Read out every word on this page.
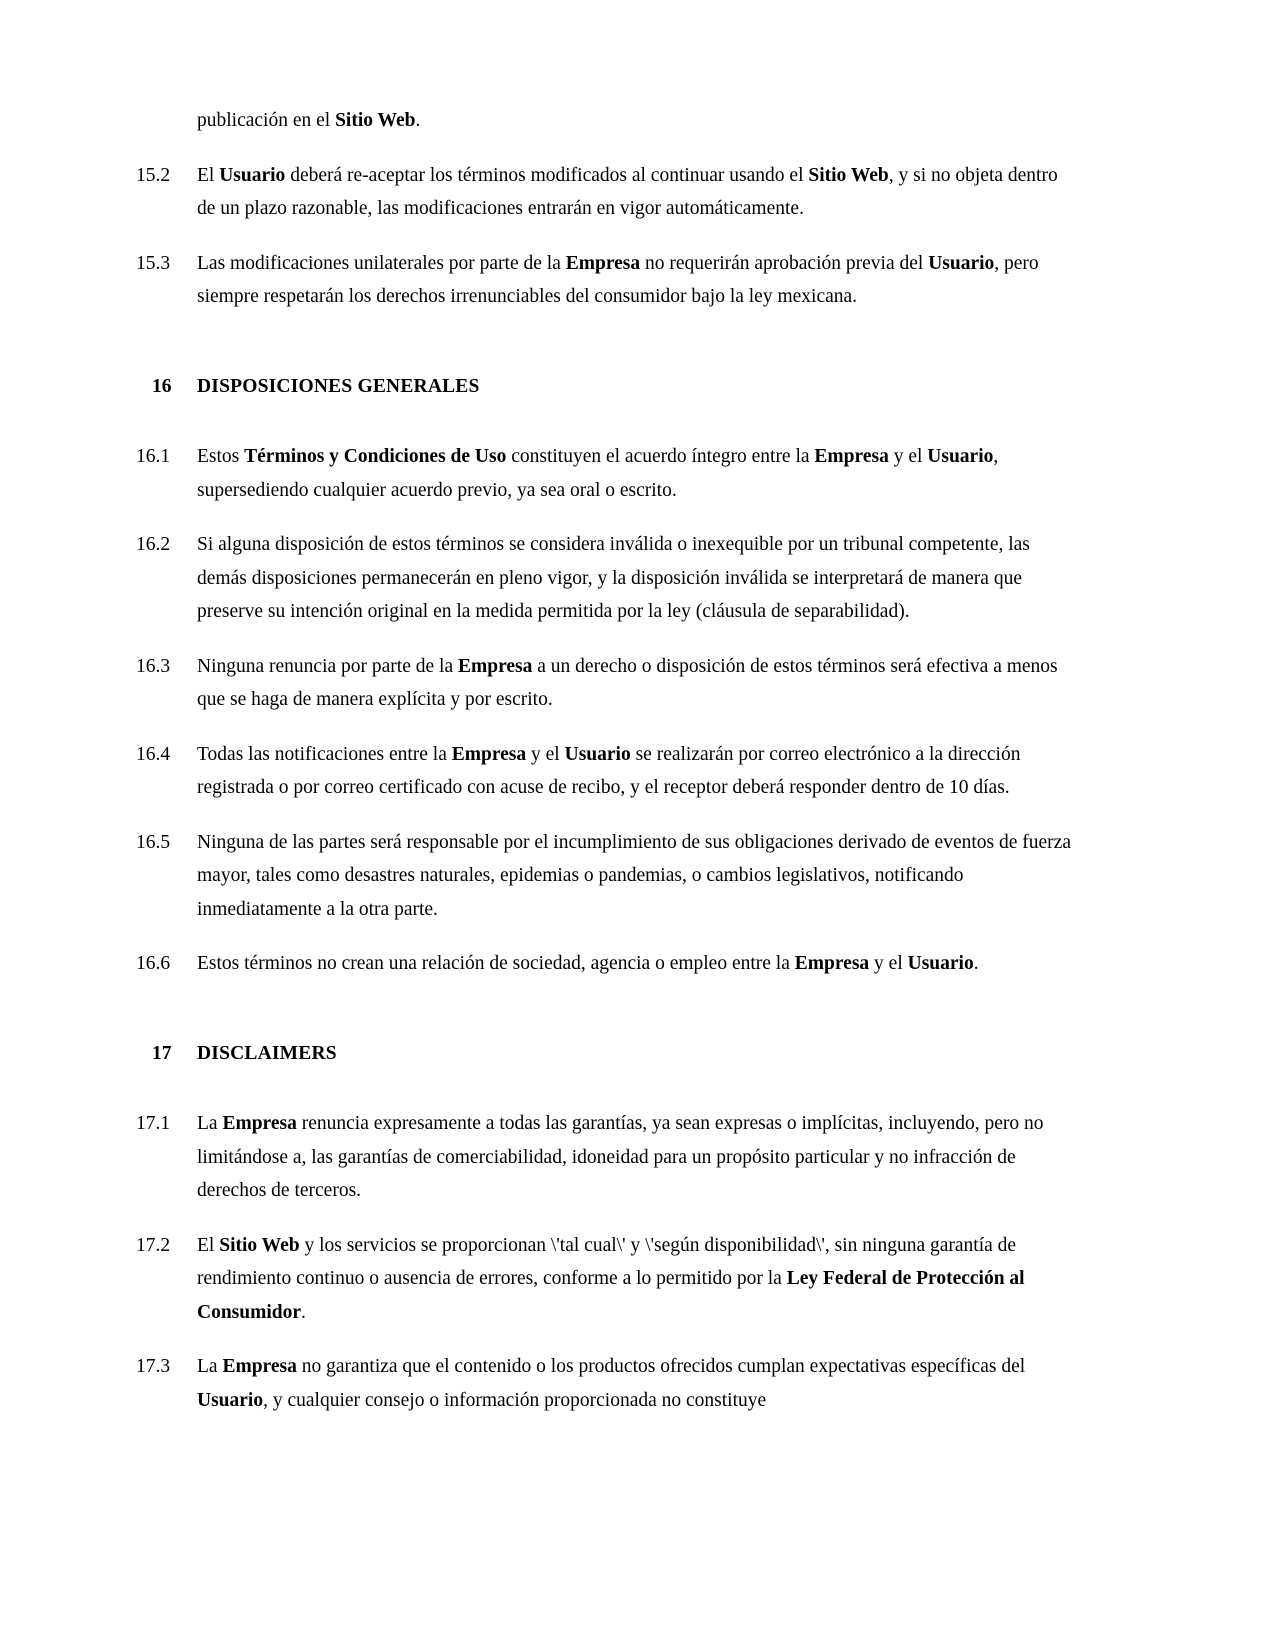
publicación en el Sitio Web.

15.2	El Usuario deberá re-aceptar los términos modificados al continuar usando el Sitio Web, y si no objeta dentro de un plazo razonable, las modificaciones entrarán en vigor automáticamente.
15.3	Las modificaciones unilaterales por parte de la Empresa no requerirán aprobación previa del Usuario, pero siempre respetarán los derechos irrenunciables del consumidor bajo la ley mexicana.
16	DISPOSICIONES GENERALES
16.1	Estos Términos y Condiciones de Uso constituyen el acuerdo íntegro entre la Empresa y el Usuario, supersediendo cualquier acuerdo previo, ya sea oral o escrito.
16.2	Si alguna disposición de estos términos se considera inválida o inexequible por un tribunal competente, las demás disposiciones permanecerán en pleno vigor, y la disposición inválida se interpretará de manera que preserve su intención original en la medida permitida por la ley (cláusula de separabilidad).
16.3	Ninguna renuncia por parte de la Empresa a un derecho o disposición de estos términos será efectiva a menos que se haga de manera explícita y por escrito.
16.4	Todas las notificaciones entre la Empresa y el Usuario se realizarán por correo electrónico a la dirección registrada o por correo certificado con acuse de recibo, y el receptor deberá responder dentro de 10 días.
16.5	Ninguna de las partes será responsable por el incumplimiento de sus obligaciones derivado de eventos de fuerza mayor, tales como desastres naturales, epidemias o pandemias, o cambios legislativos, notificando inmediatamente a la otra parte.
16.6	Estos términos no crean una relación de sociedad, agencia o empleo entre la Empresa y el Usuario.
17	DISCLAIMERS
17.1	La Empresa renuncia expresamente a todas las garantías, ya sean expresas o implícitas, incluyendo, pero no limitándose a, las garantías de comerciabilidad, idoneidad para un propósito particular y no infracción de derechos de terceros.
17.2	El Sitio Web y los servicios se proporcionan \'tal cual\' y \'según disponibilidad\', sin ninguna garantía de rendimiento continuo o ausencia de errores, conforme a lo permitido por la Ley Federal de Protección al Consumidor.
17.3	La Empresa no garantiza que el contenido o los productos ofrecidos cumplan expectativas específicas del Usuario, y cualquier consejo o información proporcionada no constituye
